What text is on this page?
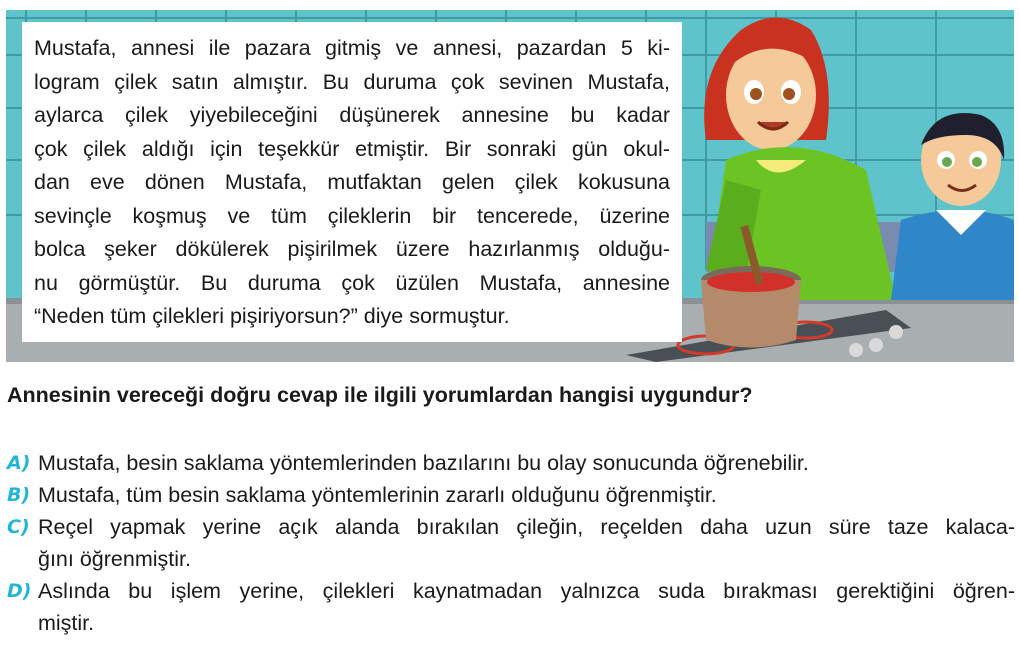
Mustafa, annesi ile pazara gitmiş ve annesi, pazardan 5 ki-
logram çilek satın almıştır. Bu duruma çok sevinen Mustafa,
aylarca çilek yiyebileceğini düşünerek annesine bu kadar
çok çilek aldığı için teşekkür etmiştir. Bir sonraki gün okul-
dan eve dönen Mustafa, mutfaktan gelen çilek kokusuna
sevinçle koşmuş ve tüm çileklerin bir tencerede, üzerine
bolca şeker dökülerek pişirilmek üzere hazırlanmış olduğu-
nu görmüştür. Bu duruma çok üzülen Mustafa, annesine
“Neden tüm çilekleri pişiriyorsun?” diye sormuştur.
Annesinin vereceği doğru cevap ile ilgili yorumlardan hangisi uygundur?
A) Mustafa, besin saklama yöntemlerinden bazılarını bu olay sonucunda öğrenebilir.
B) Mustafa, tüm besin saklama yöntemlerinin zararlı olduğunu öğrenmiştir.
C) Reçel yapmak yerine açık alanda bırakılan çileğin, reçelden daha uzun süre taze kalaca-
ğını öğrenmiştir.
D) Aslında bu işlem yerine, çilekleri kaynatmadan yalnızca suda bırakması gerektiğini öğren-
miştir.
